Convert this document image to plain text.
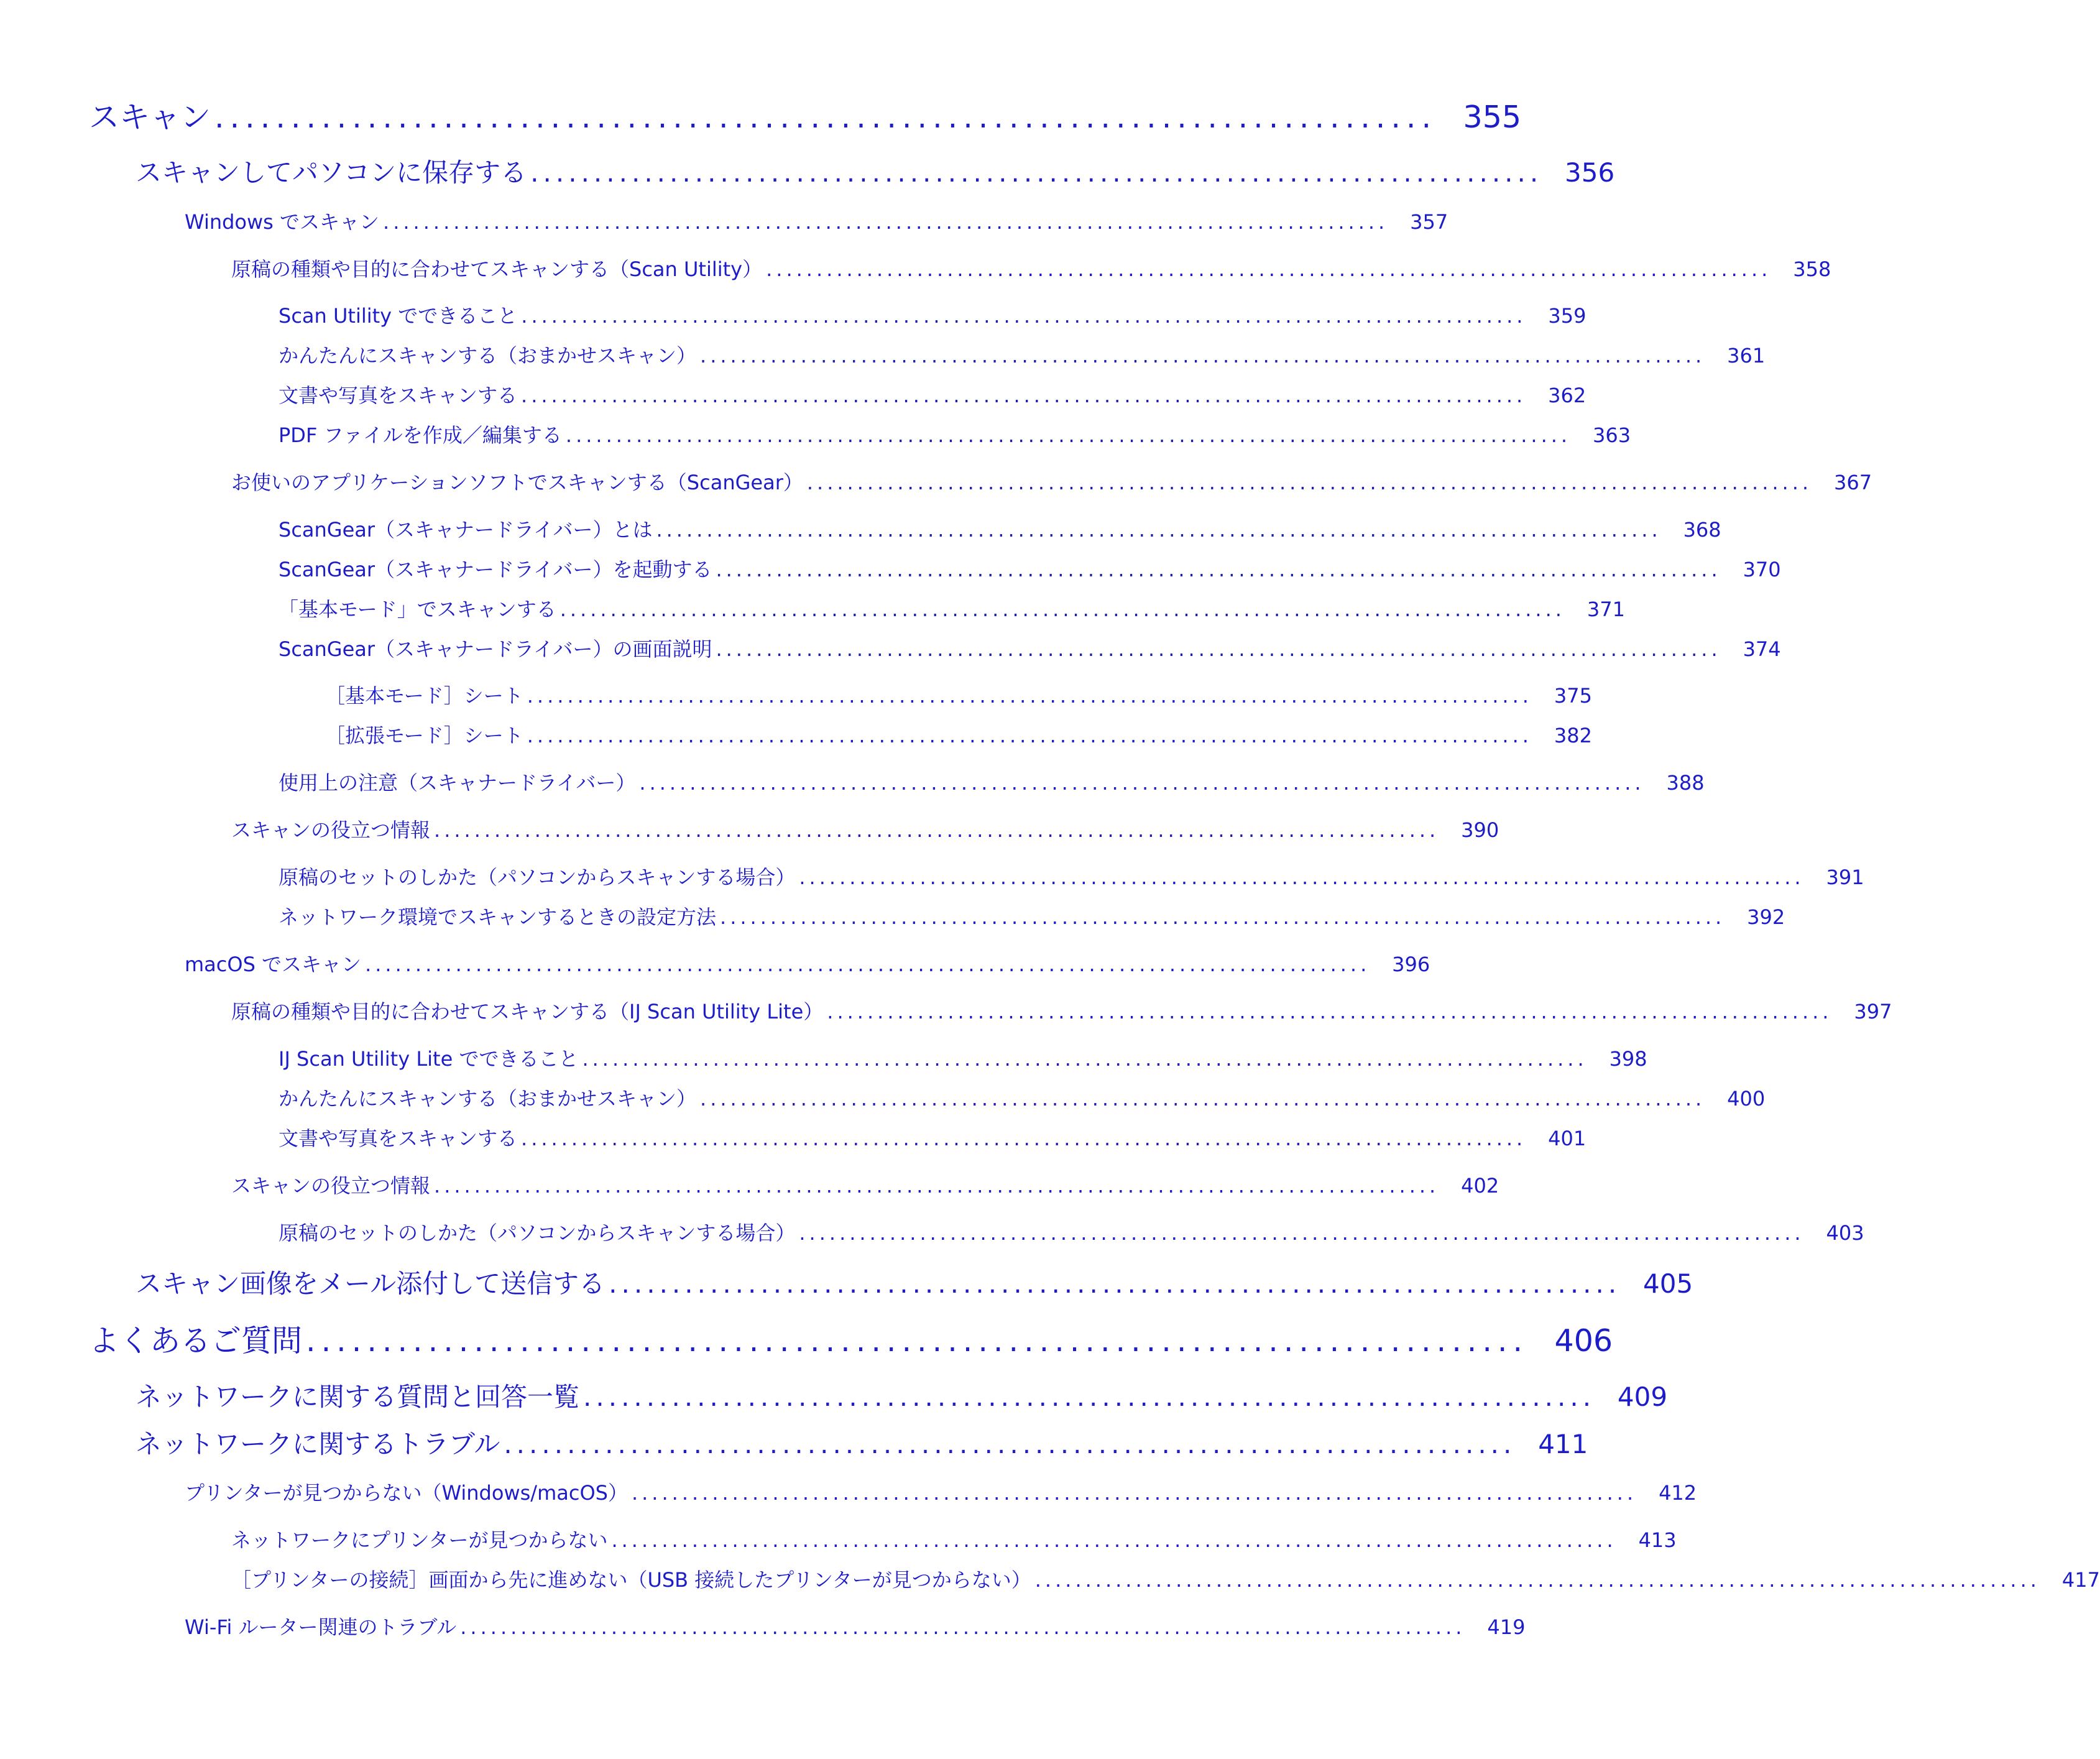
スキャン ................................................................................ 355
スキャンしてパソコンに保存する ................................................................................ 356
Windows でスキャン ....................................................................................................	357
原稿の種類や目的に合わせてスキャンする（Scan Utility） ....................................................................................................	358
Scan Utility でできること ....................................................................................................	359
かんたんにスキャンする（おまかせスキャン） ....................................................................................................	361
文書や写真をスキャンする ....................................................................................................	362
PDF ファイルを作成／編集する ....................................................................................................	363
お使いのアプリケーションソフトでスキャンする（ScanGear） ....................................................................................................	367
ScanGear（スキャナードライバー）とは ....................................................................................................	368
ScanGear（スキャナードライバー）を起動する ....................................................................................................	370
「基本モード」でスキャンする ....................................................................................................	371
ScanGear（スキャナードライバー）の画面説明 ....................................................................................................	374
［基本モード］シート ....................................................................................................	375
［拡張モード］シート ....................................................................................................	382
使用上の注意（スキャナードライバー） ....................................................................................................	388
スキャンの役立つ情報 ....................................................................................................	390
原稿のセットのしかた（パソコンからスキャンする場合） ....................................................................................................	391
ネットワーク環境でスキャンするときの設定方法 ....................................................................................................	392
macOS でスキャン ....................................................................................................	396
原稿の種類や目的に合わせてスキャンする（IJ Scan Utility Lite） ....................................................................................................	397
IJ Scan Utility Lite でできること ....................................................................................................	398
かんたんにスキャンする（おまかせスキャン） ....................................................................................................	400
文書や写真をスキャンする ....................................................................................................	401
スキャンの役立つ情報 ....................................................................................................	402
原稿のセットのしかた（パソコンからスキャンする場合） ....................................................................................................	403
スキャン画像をメール添付して送信する ................................................................................ 405
よくあるご質問 ................................................................................ 406
ネットワークに関する質問と回答一覧 ................................................................................ 409
ネットワークに関するトラブル ................................................................................ 411
プリンターが見つからない（Windows/macOS） ....................................................................................................	412
ネットワークにプリンターが見つからない ....................................................................................................	413
［プリンターの接続］画面から先に進めない（USB 接続したプリンターが見つからない） ....................................................................................................	417
Wi-Fi ルーター関連のトラブル ....................................................................................................	419
